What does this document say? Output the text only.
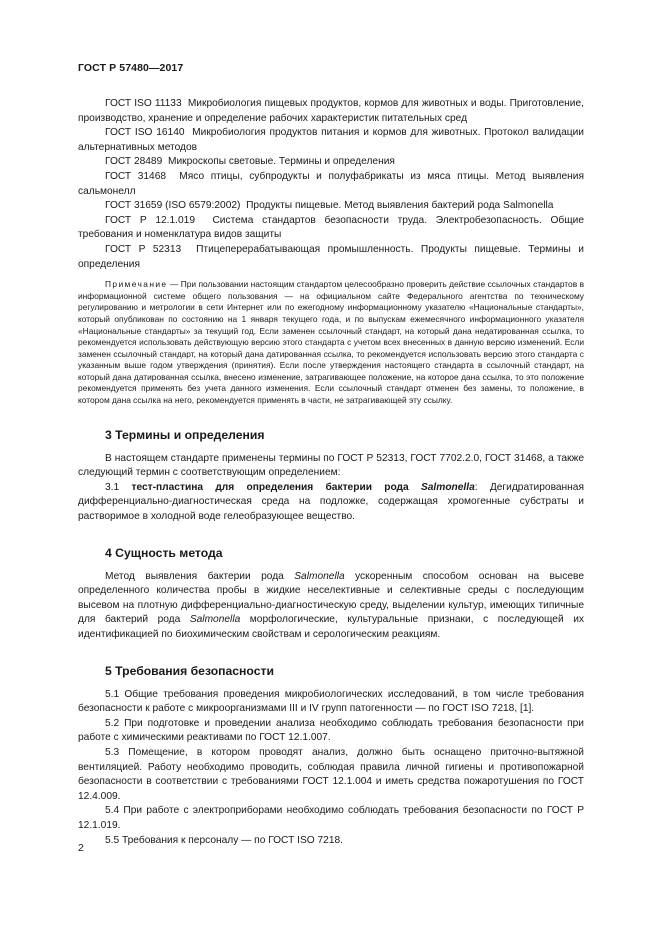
ГОСТ Р 57480—2017

ГОСТ ISO 11133 Микробиология пищевых продуктов, кормов для животных и воды. Приготовление, производство, хранение и определение рабочих характеристик питательных сред

ГОСТ ISO 16140 Микробиология продуктов питания и кормов для животных. Протокол валидации альтернативных методов

ГОСТ 28489 Микроскопы световые. Термины и определения

ГОСТ 31468 Мясо птицы, субпродукты и полуфабрикаты из мяса птицы. Метод выявления сальмонелл

ГОСТ 31659 (ISO 6579:2002) Продукты пищевые. Метод выявления бактерий рода Salmonella

ГОСТ Р 12.1.019 Система стандартов безопасности труда. Электробезопасность. Общие требования и номенклатура видов защиты

ГОСТ Р 52313 Птицеперерабатывающая промышленность. Продукты пищевые. Термины и определения

Примечание — При пользовании настоящим стандартом целесообразно проверить действие ссылочных стандартов в информационной системе общего пользования — на официальном сайте Федерального агентства по техническому регулированию и метрологии в сети Интернет или по ежегодному информационному указателю «Национальные стандарты», который опубликован по состоянию на 1 января текущего года, и по выпускам ежемесячного информационного указателя «Национальные стандарты» за текущий год. Если заменен ссылочный стандарт, на который дана недатированная ссылка, то рекомендуется использовать действующую версию этого стандарта с учетом всех внесенных в данную версию изменений. Если заменен ссылочный стандарт, на который дана датированная ссылка, то рекомендуется использовать версию этого стандарта с указанным выше годом утверждения (принятия). Если после утверждения настоящего стандарта в ссылочный стандарт, на который дана датированная ссылка, внесено изменение, затрагивающее положение, на которое дана ссылка, то это положение рекомендуется применять без учета данного изменения. Если ссылочный стандарт отменен без замены, то положение, в котором дана ссылка на него, рекомендуется применять в части, не затрагивающей эту ссылку.

3 Термины и определения

В настоящем стандарте применены термины по ГОСТ Р 52313, ГОСТ 7702.2.0, ГОСТ 31468, а также следующий термин с соответствующим определением:

3.1 тест-пластина для определения бактерии рода Salmonella: Дегидратированная дифференциально-диагностическая среда на подложке, содержащая хромогенные субстраты и растворимое в холодной воде гелеобразующее вещество.

4 Сущность метода

Метод выявления бактерии рода Salmonella ускоренным способом основан на высеве определенного количества пробы в жидкие неселективные и селективные среды с последующим высевом на плотную дифференциально-диагностическую среду, выделении культур, имеющих типичные для бактерий рода Salmonella морфологические, культуральные признаки, с последующей их идентификацией по биохимическим свойствам и серологическим реакциям.

5 Требования безопасности

5.1 Общие требования проведения микробиологических исследований, в том числе требования безопасности к работе с микроорганизмами III и IV групп патогенности — по ГОСТ ISO 7218, [1].

5.2 При подготовке и проведении анализа необходимо соблюдать требования безопасности при работе с химическими реактивами по ГОСТ 12.1.007.

5.3 Помещение, в котором проводят анализ, должно быть оснащено приточно-вытяжной вентиляцией. Работу необходимо проводить, соблюдая правила личной гигиены и противопожарной безопасности в соответствии с требованиями ГОСТ 12.1.004 и иметь средства пожаротушения по ГОСТ 12.4.009.

5.4 При работе с электроприборами необходимо соблюдать требования безопасности по ГОСТ Р 12.1.019.

5.5 Требования к персоналу — по ГОСТ ISO 7218.

2
